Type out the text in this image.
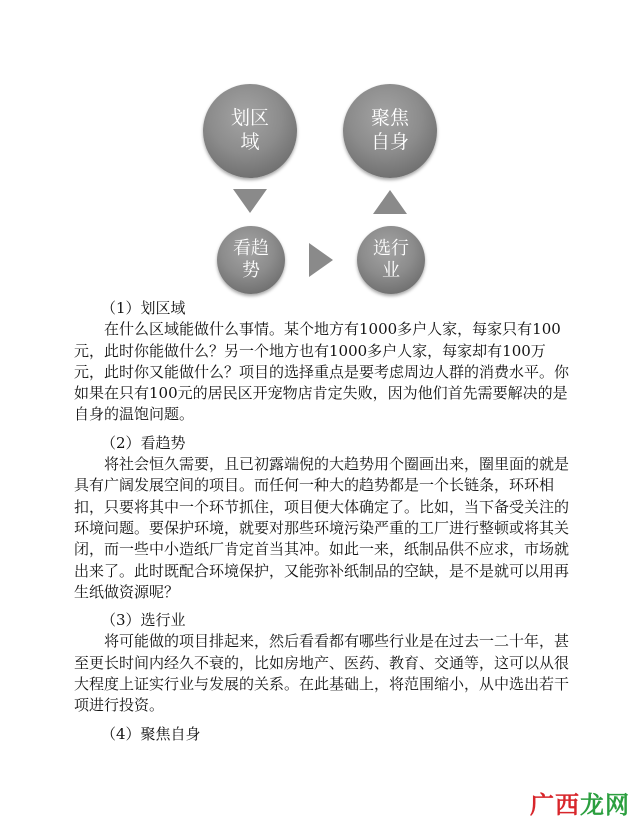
划区域
聚焦自身
看趋势
选行业
（1）划区域

在什么区域能做什么事情。某个地方有1000多户人家，每家只有100元，此时你能做什么？另一个地方也有1000多户人家，每家却有100万元，此时你又能做什么？项目的选择重点是要考虑周边人群的消费水平。你如果在只有100元的居民区开宠物店肯定失败，因为他们首先需要解决的是自身的温饱问题。

（2）看趋势

将社会恒久需要，且已初露端倪的大趋势用个圈画出来，圈里面的就是具有广阔发展空间的项目。而任何一种大的趋势都是一个长链条，环环相扣，只要将其中一个环节抓住，项目便大体确定了。比如，当下备受关注的环境问题。要保护环境，就要对那些环境污染严重的工厂进行整顿或将其关闭，而一些中小造纸厂肯定首当其冲。如此一来，纸制品供不应求，市场就出来了。此时既配合环境保护，又能弥补纸制品的空缺，是不是就可以用再生纸做资源呢？

（3）选行业

将可能做的项目排起来，然后看看都有哪些行业是在过去一二十年，甚至更长时间内经久不衰的，比如房地产、医药、教育、交通等，这可以从很大程度上证实行业与发展的关系。在此基础上，将范围缩小，从中选出若干项进行投资。

（4）聚焦自身
广西龙网
